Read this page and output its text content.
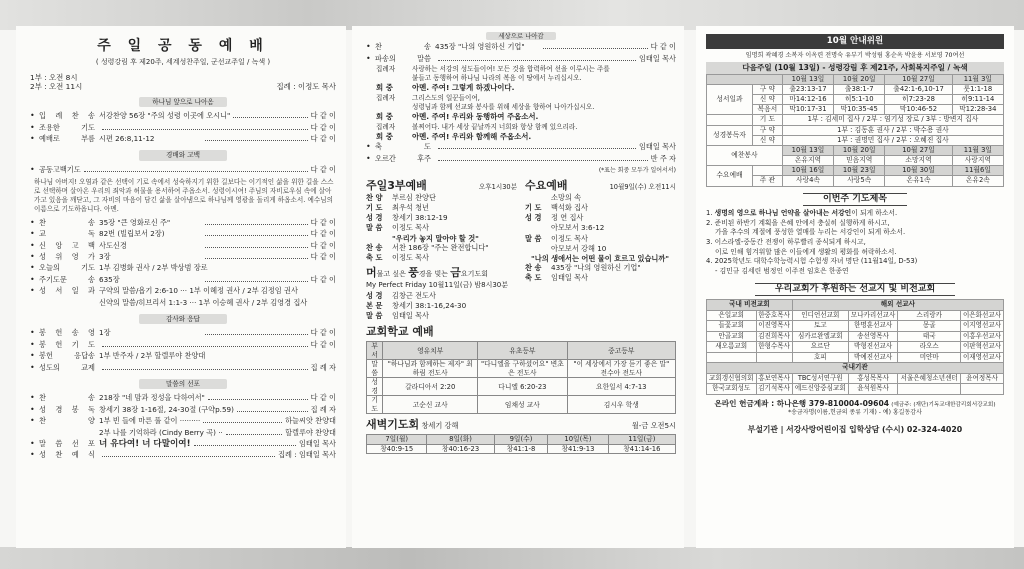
주 일 공 동 예 배
( 성령강림 후 제20주, 세계성찬주일, 군선교주일 / 녹색 )
1부 : 오전 8시
2부 : 오전 11시	집례 : 이정도 목사
하나님 앞으로 나아옴
• 입 례 찬 송 서강찬양 56장 "주의 성령 이곳에 오시니"	다 같 이
• 조용한 기도	다 같 이
• 예배로 부름 시편 26:8,11-12	다 같 이
경배와 고백
• 공동고백기도	다 같 이
하나님 아버지! 오염과 같은 선택이 기로 속에서 성숙하지기 위한 길보다는 이기적인 삶을 위한 길을 스스로 선택하며 살아온 우리의 죄악과 허물을 용서하여 주옵소서. 성령이시여! 주님의 자비로우심 속에 살아가고 있음을 깨닫고, 그 자비의 마음이 담긴 삶을 살아냄으로 하나님께 영광을 돌리게 하옵소서. 예수님의 이름으로 기도하옵니다. 아멘.
• 찬 송 35장 "큰 영화로신 주"	다 같 이
• 교 독 82번 (빌립보서 2장)	다 같 이
• 신 앙 고 백 사도신경	다 같 이
• 성 위 영 가 3장	다 같 이
• 오늘의 기도 1부 김병화 권사 / 2부 박상범 장로
• 주기도문 송 635장	다 같 이
• 성 서 일 과 구약의 말씀/욥기 2:6-10 ··· 1부 이혜정 권사 / 2부 김정임 권사
신약의 말씀/히브리서 1:1-3 ··· 1부 이승혜 권사 / 2부 김영경 집사
감사와 응답
• 봉 헌 송 영 1장	다 같 이
• 봉 헌 기 도	다 같 이
• 봉헌 응답송 1부 반주자 / 2부 할렐루야 찬양대
• 성도의 교제	집 례 자
말씀의 선포
• 찬 송 218장 "네 맘과 정성을 다하여서"	다 같 이
• 성 경 봉 독 창세기 38장 1-16절, 24-30절 (구약p.59)	집 례 자
• 찬 양 1부 빈 들에 마른 풀 같이 ·········	하늘씨앗 찬양대
2부 나를 기억하라 (Cindy Berry 곡) ··	할렐루야 찬양대
• 말 씀 선 포 너 유다여! 너 다말이여!	임태일 목사
• 성 찬 예 식	집례 : 임태일 목사
세상으로 나아감
• 찬 송 435장 "나의 영원하신 기업"	다 같 이
• 파송의 말씀	임태일 목사
집례자	사랑하는 서강의 성도들이여! 모든 것을 합력하여 선을 이루시는 주를
붙들고 동행하여 하나님 나라의 복음 이 땅에서 누리십시오.
회 중	아멘. 주여! 그렇게 하겠나이다.
집례자	그리스도의 일꾼들이여,
성령님과 함께 선교와 봉사를 위해 세상을 향하여 나아가십시오.
회 중	아멘. 주여! 우리와 동행하여 주옵소서.
집례자	볼찌어다. 내가 세상 끝날까지 너희와 항상 함께 있으리라.
회 중	아멘. 주여! 우리와 함께해 주옵소서.
• 축 도	임태일 목사
• 오르간 후주	반 주 자
(*표는 회중 모두가 일어서서)
주일3부예배	오후1시30분
찬 양 부르심 찬양단
기 도 최우석 청년
성 경 창세기 38:12-19
말 씀 이정도 목사
"우리가 놓지 말아야 할 것"
찬 송 서찬 186장 "주는 완전합니다"
축 도 이정도 목사
머물고 싶은 풍경을 빚는 금요기도회
My Perfect Friday 10월11일(금) 밤8시30분
성 경 김창근 전도사
본 문 창세기 38:1-16,24-30
말 씀 임태일 목사
수요예배	10월9일(수) 오전11시
소망의 속
기 도 백석화 집사
성 경 정 연 집사
아모보서 3:6-12
말 씀 이정도 목사
아모보서 강해 10
"나의 생애서는 어떤 물이 흐르고 있습니까"
찬 송 435장 "나의 영원하신 기업"
축 도 임태일 목사
교회학교 예배
부서	영유치부	유초등부	중고등부
말씀	"하나님과 함께하는 제자" 최하림 전도사	"다니엘을 구하셨어요" 변초은 전도사	"이 세상에서 가장 듣기 좋은 말" 전수아 전도사
성경	갈라디아서 2:20	다니엘 6:20-23	요한일서 4:7-13
기도	고순신 교사	임채성 교사	김시우 학생
새벽기도회 창세기 강해	월-금 오전5시
7일(월)	8일(화)	9일(수)	10일(목)	11일(금)
창40:9-15	창40:16-23	창41:1-8	창41:9-13	창41:14-16
10월 안내위원
임명희 곽혜경 소복자 이옥련 전명숙 유부기 박성림 홍순옥 박윤용 서보영 70여선
다음주일 (10월 13일) - 성령강림 후 제21주, 사회복지주일 / 녹색
		10월 13일	10월 20일	10월 27일	11월 3일
성서일과	구 약	출23:13-17	출38:1-7	출42:1-6,10-17	룻1:1-18
	신 약	마14:12-16	히5:1-10	히7:23-28	히9:11-14
	복음서	막10:17-31	막10:35-45	막10:46-52	막12:28-34
	기 도	1부 : 김세미 집사 / 2부 : 염기성 장로 / 3부 : 방변지 집사			
성경봉독자	구 약	1부 : 김동훈 권사 / 2부 : 박수용 권사			
	신 약	1부 : 권명민 집사 / 2부 : 오혜진 집사			
예찬봉사		10월 13일	10월 20일	10월 27일	11월 3일
		온유지역	믿음지역	소망지역	사랑지역
수요예배		10월 16일	10월 23일	10월 30일	11월6일
	주 관	사랑4속	사랑5속	온유1속	온유2속
이번주 기도제목
1. 생명의 영으로 하나님 언약을 살아내는 서강인이 되게 하소서.
2. 준비된 하반기 계획을 은혜 안에서 충실히 실행하게 하시고,
가을 추수의 계절에 풍성한 열매를 누리는 서강인이 되게 하소서.
3. 이스라엘-중동간 전쟁이 하루빨리 종식되게 하시고,
이로 인해 힘겨워할 많은 이들에게 생활의 평화를 허락하소서.
4. 2025학년도 대학수학능력시험 수험생 자녀 명단 (11월14일, D-53)
- 김민규 김세린 범정인 이주전 임호은 한종연
우리교회가 후원하는 선교지 및 비전교회
국내 비전교회		해외 선교사			
은일교회	한중호목사	인디언선교회	모나카리선교사	스리랑카	이은화선교사
들꽃교회	이진영목사	토고	한명훈선교사	몽골	이지영선교사
안골교회	김진희목사	심카르완엘교회	송선영목사	태국	이홍우선교사
새오름교회	한형수목사	요르단	박형진선교사	라오스	이판혁선교사
		호피	박예진선교사	미얀마	이재영선교사
국내기관					
교회갱신협의회	홍보연목사	TBC성서연구원	홍성목목사	서울은혜청소년센터	윤여정목사
한국교회성도	김기석목사	에드신앙중심교회	윤석원목사		
온라인 헌금계좌 : 하나은행 379-810004-09604 (예금주: (재단)기독교대한감리회서강교회)
*송금자명(이름,헌금의 종류 기재) - 예) 홍길동감사
부설기관 | 서강사랑어린이집 입학상담 (수시) 02-324-4020
